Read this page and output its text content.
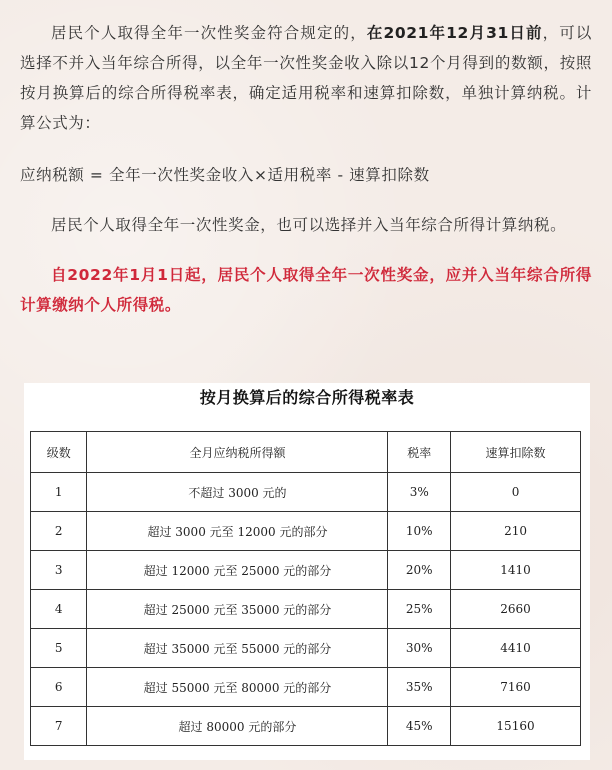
居民个人取得全年一次性奖金符合规定的，在2021年12月31日前，可以选择不并入当年综合所得，以全年一次性奖金收入除以12个月得到的数额，按照按月换算后的综合所得税率表，确定适用税率和速算扣除数，单独计算纳税。计算公式为：

应纳税额 = 全年一次性奖金收入×适用税率 - 速算扣除数

居民个人取得全年一次性奖金，也可以选择并入当年综合所得计算纳税。

自2022年1月1日起，居民个人取得全年一次性奖金，应并入当年综合所得计算缴纳个人所得税。

按月换算后的综合所得税率表
级数	全月应纳税所得额	税率	速算扣除数
1	不超过 3000 元的	3%	0
2	超过 3000 元至 12000 元的部分	10%	210
3	超过 12000 元至 25000 元的部分	20%	1410
4	超过 25000 元至 35000 元的部分	25%	2660
5	超过 35000 元至 55000 元的部分	30%	4410
6	超过 55000 元至 80000 元的部分	35%	7160
7	超过 80000 元的部分	45%	15160
